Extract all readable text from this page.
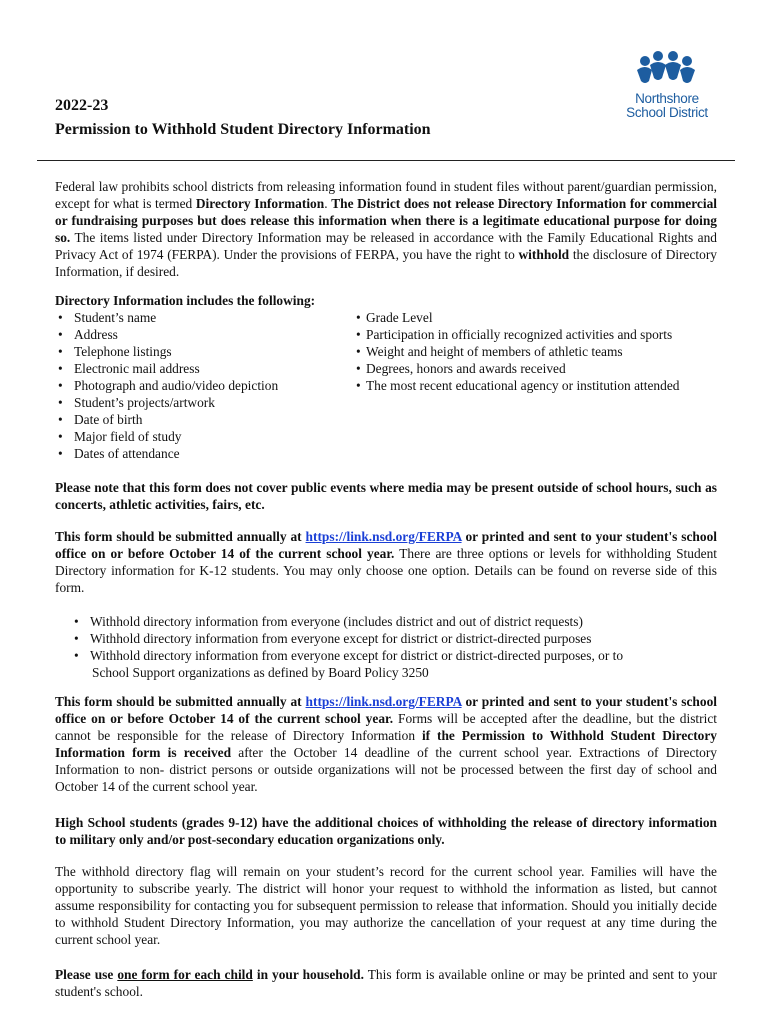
2022-23
Permission to Withhold Student Directory Information
Northshore
School District

Federal law prohibits school districts from releasing information found in student files without parent/guardian permission, except for what is termed Directory Information. The District does not release Directory Information for commercial or fundraising purposes but does release this information when there is a legitimate educational purpose for doing so. The items listed under Directory Information may be released in accordance with the Family Educational Rights and Privacy Act of 1974 (FERPA). Under the provisions of FERPA, you have the right to withhold the disclosure of Directory Information, if desired.

Directory Information includes the following:
• Student’s name
• Address
• Telephone listings
• Electronic mail address
• Photograph and audio/video depiction
• Student’s projects/artwork
• Date of birth
• Major field of study
• Dates of attendance
• Grade Level
• Participation in officially recognized activities and sports
• Weight and height of members of athletic teams
• Degrees, honors and awards received
• The most recent educational agency or institution attended

Please note that this form does not cover public events where media may be present outside of school hours, such as concerts, athletic activities, fairs, etc.

This form should be submitted annually at https://link.nsd.org/FERPA or printed and sent to your student's school office on or before October 14 of the current school year. There are three options or levels for withholding Student Directory information for K-12 students. You may only choose one option. Details can be found on reverse side of this form.

• Withhold directory information from everyone (includes district and out of district requests)
• Withhold directory information from everyone except for district or district-directed purposes
• Withhold directory information from everyone except for district or district-directed purposes, or to
School Support organizations as defined by Board Policy 3250

This form should be submitted annually at https://link.nsd.org/FERPA or printed and sent to your student's school office on or before October 14 of the current school year. Forms will be accepted after the deadline, but the district cannot be responsible for the release of Directory Information if the Permission to Withhold Student Directory Information form is received after the October 14 deadline of the current school year. Extractions of Directory Information to non- district persons or outside organizations will not be processed between the first day of school and October 14 of the current school year.

High School students (grades 9-12) have the additional choices of withholding the release of directory information to military only and/or post-secondary education organizations only.

The withhold directory flag will remain on your student’s record for the current school year. Families will have the opportunity to subscribe yearly. The district will honor your request to withhold the information as listed, but cannot assume responsibility for contacting you for subsequent permission to release that information. Should you initially decide to withhold Student Directory Information, you may authorize the cancellation of your request at any time during the current school year.

Please use one form for each child in your household. This form is available online or may be printed and sent to your student's school.
